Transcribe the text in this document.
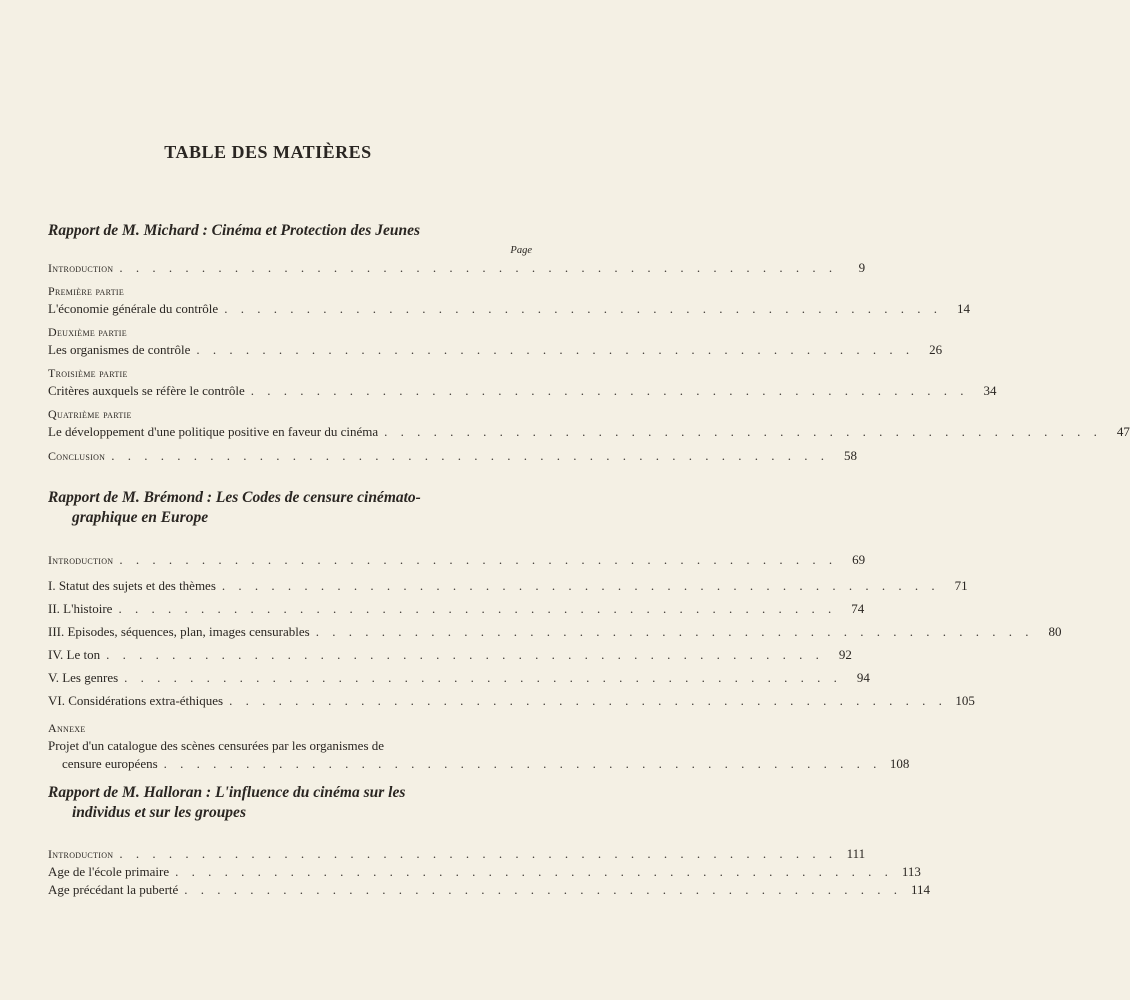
TABLE DES MATIÈRES

Rapport de M. Michard : Cinéma et Protection des Jeunes

Page
Introduction . . . . . . . . . . . . . . . . . . . . . . . . . . . . . . . . . . . . . . . . . . . .	9
Première partie
L'économie générale du contrôle . . . . . . . . . . . . . . . . . . . . . . . . . . . . . . . . . . . . . . . . . . . .	14
Deuxième partie
Les organismes de contrôle . . . . . . . . . . . . . . . . . . . . . . . . . . . . . . . . . . . . . . . . . . . .	26
Troisième partie
Critères auxquels se réfère le contrôle . . . . . . . . . . . . . . . . . . . . . . . . . . . . . . . . . . . . . . . . . . . .	34
Quatrième partie
Le développement d'une politique positive en faveur du cinéma . . . . . . . . . . . . . . . . . . . . . . . . . . . . . . . . . . . . . . . . . . . .	47
Conclusion . . . . . . . . . . . . . . . . . . . . . . . . . . . . . . . . . . . . . . . . . . . .	58

Rapport de M. Brémond : Les Codes de censure cinémato-
graphique en Europe

Introduction . . . . . . . . . . . . . . . . . . . . . . . . . . . . . . . . . . . . . . . . . . . .	69
I. Statut des sujets et des thèmes . . . . . . . . . . . . . . . . . . . . . . . . . . . . . . . . . . . . . . . . . . . .	71
II. L'histoire . . . . . . . . . . . . . . . . . . . . . . . . . . . . . . . . . . . . . . . . . . . .	74
III. Episodes, séquences, plan, images censurables . . . . . . . . . . . . . . . . . . . . . . . . . . . . . . . . . . . . . . . . . . . .	80
IV. Le ton . . . . . . . . . . . . . . . . . . . . . . . . . . . . . . . . . . . . . . . . . . . .	92
V. Les genres . . . . . . . . . . . . . . . . . . . . . . . . . . . . . . . . . . . . . . . . . . . .	94
VI. Considérations extra-éthiques . . . . . . . . . . . . . . . . . . . . . . . . . . . . . . . . . . . . . . . . . . . . 105
Annexe
Projet d'un catalogue des scènes censurées par les organismes de
censure européens . . . . . . . . . . . . . . . . . . . . . . . . . . . . . . . . . . . . . . . . . . . . 108

Rapport de M. Halloran : L'influence du cinéma sur les
individus et sur les groupes

Introduction . . . . . . . . . . . . . . . . . . . . . . . . . . . . . . . . . . . . . . . . . . . . 111
Age de l'école primaire . . . . . . . . . . . . . . . . . . . . . . . . . . . . . . . . . . . . . . . . . . . . 113
Age précédant la puberté . . . . . . . . . . . . . . . . . . . . . . . . . . . . . . . . . . . . . . . . . . . . 114
